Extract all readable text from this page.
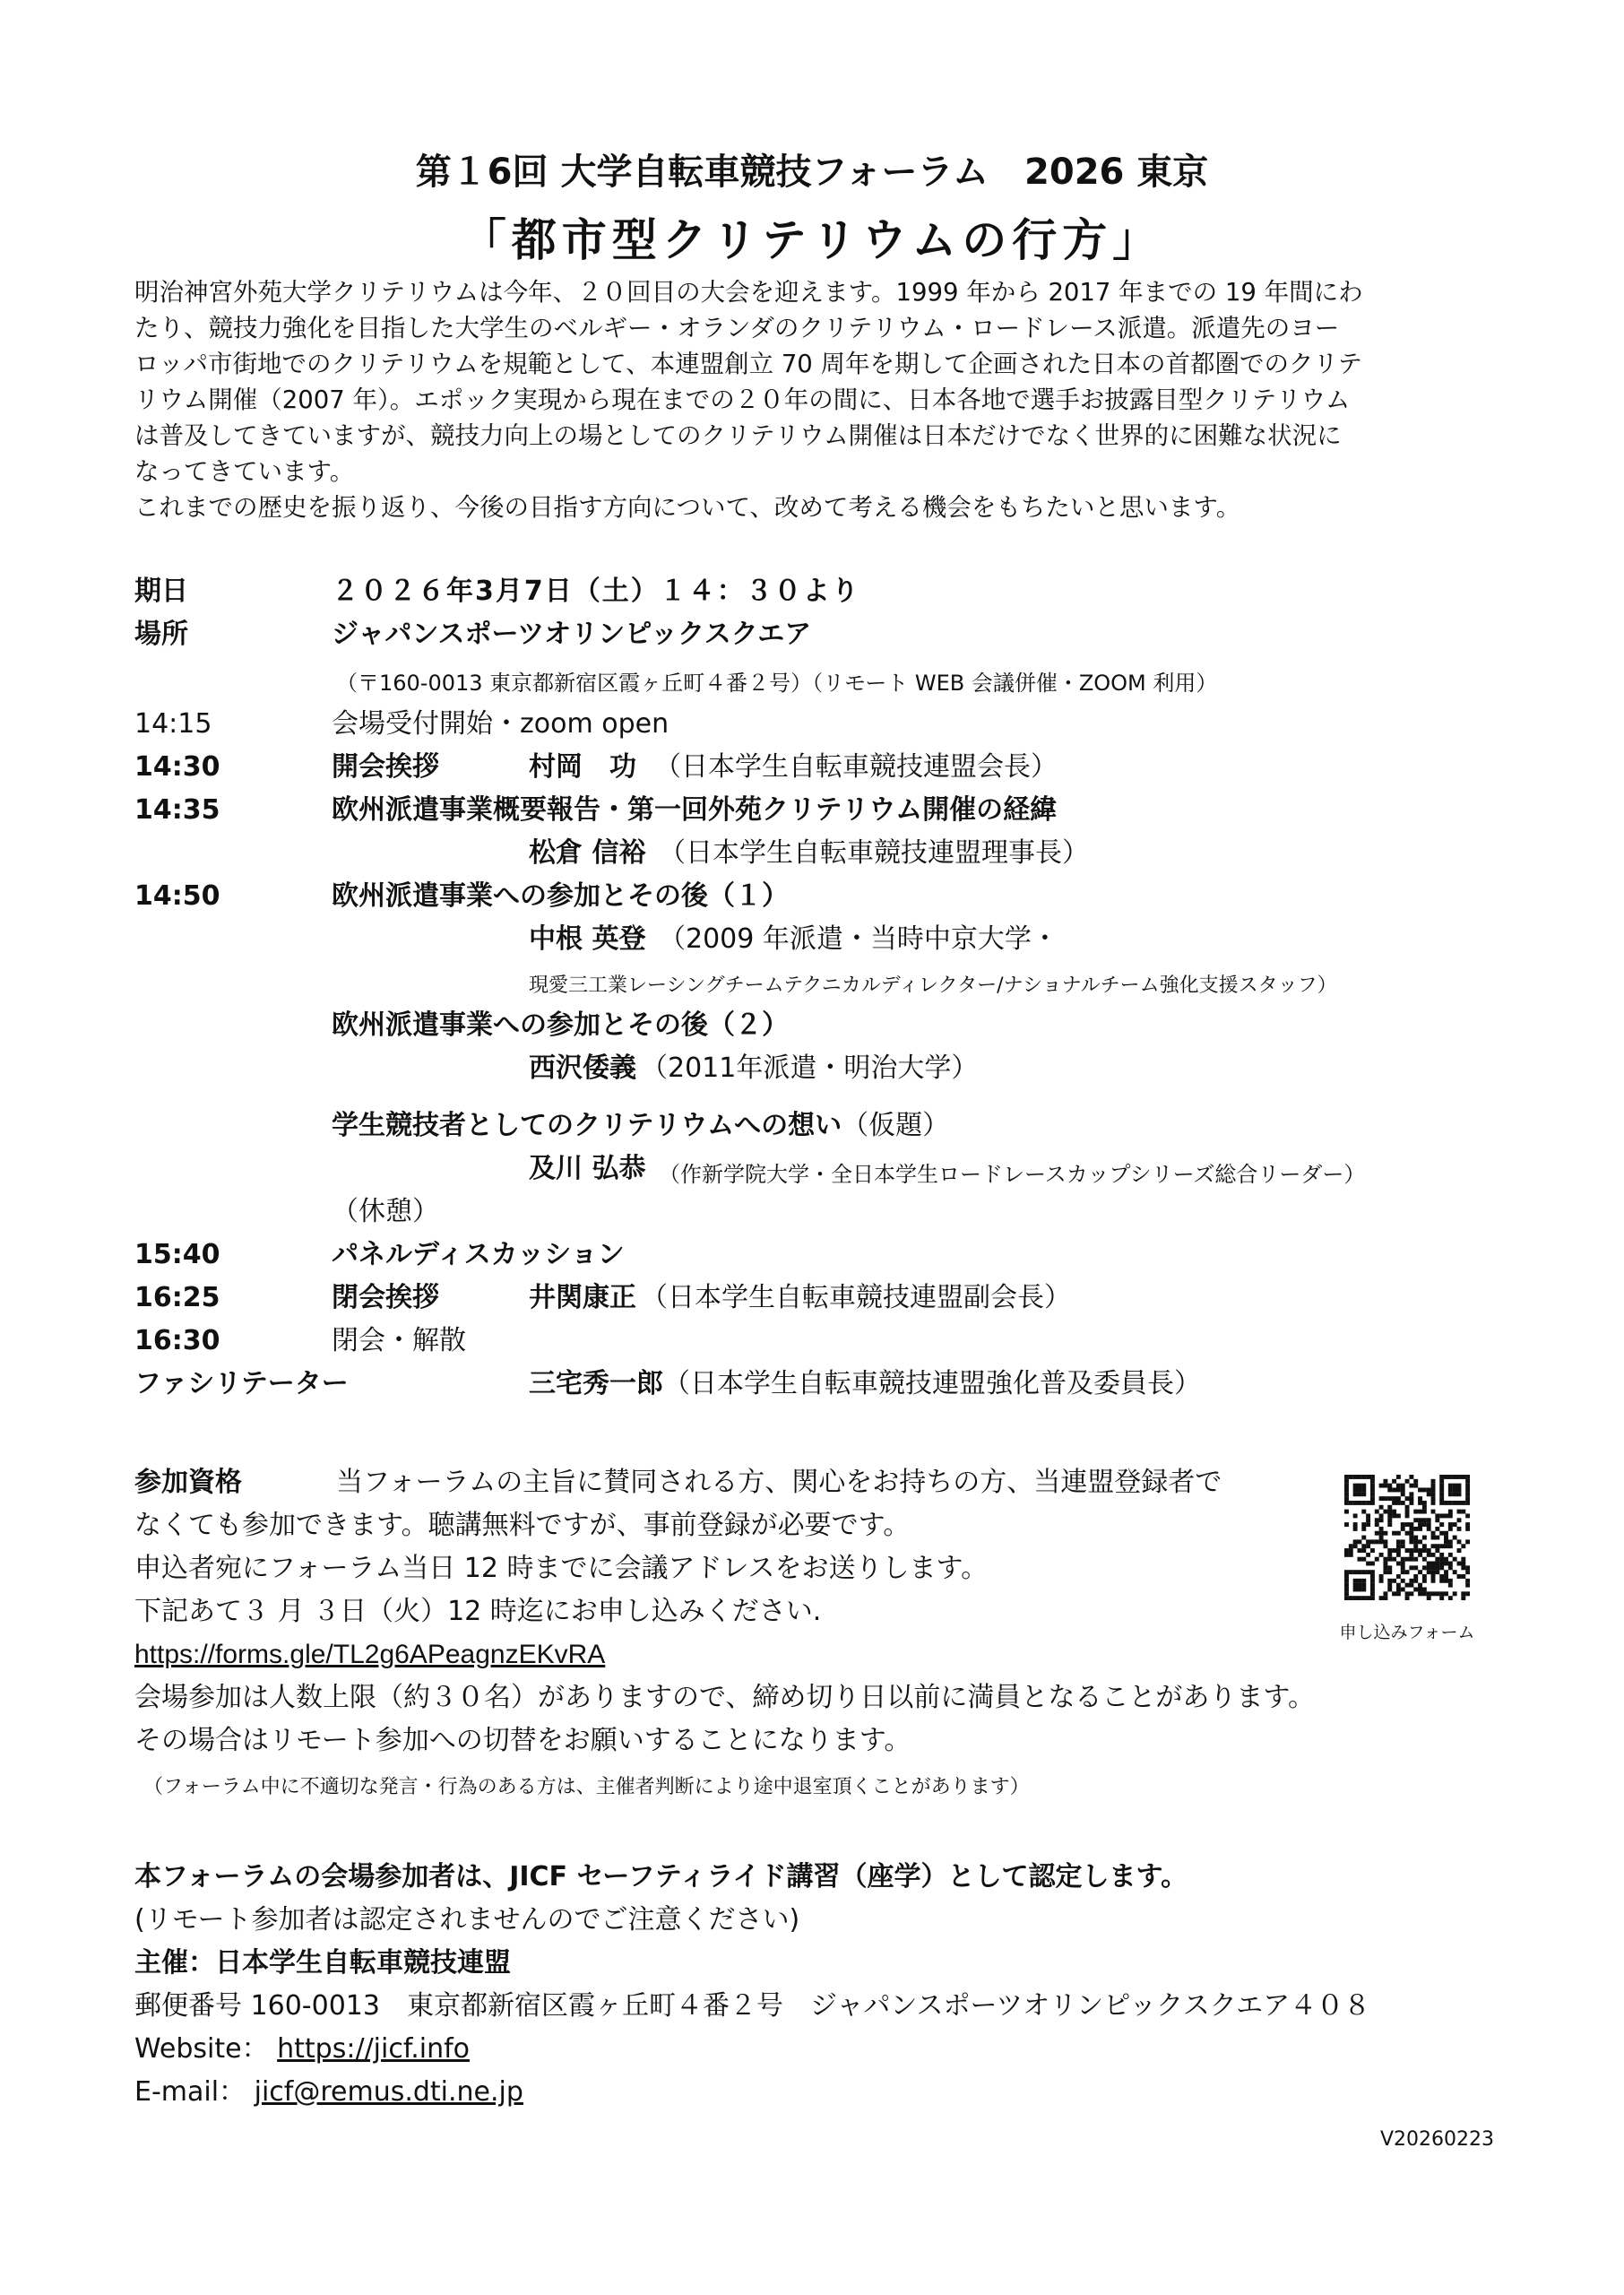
第１6回 大学自転車競技フォーラム　2026 東京
「都市型クリテリウムの行方」
明治神宮外苑大学クリテリウムは今年、２０回目の大会を迎えます。1999 年から 2017 年までの 19 年間にわ
たり、競技力強化を目指した大学生のベルギー・オランダのクリテリウム・ロードレース派遣。派遣先のヨー
ロッパ市街地でのクリテリウムを規範として、本連盟創立 70 周年を期して企画された日本の首都圏でのクリテ
リウム開催（2007 年）。エポック実現から現在までの２０年の間に、日本各地で選手お披露目型クリテリウム
は普及してきていますが、競技力向上の場としてのクリテリウム開催は日本だけでなく世界的に困難な状況に
なってきています。
これまでの歴史を振り返り、今後の目指す方向について、改めて考える機会をもちたいと思います。
期日	２０２６年3月7日（土）１４：３０より
場所	ジャパンスポーツオリンピックスクエア
（〒160-0013 東京都新宿区霞ヶ丘町４番２号）（リモート WEB 会議併催・ZOOM 利用）
14:15	会場受付開始・zoom open
14:30	開会挨拶	村岡　功 （日本学生自転車競技連盟会長）
14:35	欧州派遣事業概要報告・第一回外苑クリテリウム開催の経緯
松倉 信裕 （日本学生自転車競技連盟理事長）
14:50	欧州派遣事業への参加とその後（１）
中根 英登 （2009 年派遣・当時中京大学・
現愛三工業レーシングチームテクニカルディレクター/ナショナルチーム強化支援スタッフ）
欧州派遣事業への参加とその後（２）
西沢倭義 （2011年派遣・明治大学）
学生競技者としてのクリテリウムへの想い（仮題）
及川 弘恭 （作新学院大学・全日本学生ロードレースカップシリーズ総合リーダー）
（休憩）
15:40	パネルディスカッション
16:25	閉会挨拶	井関康正 （日本学生自転車競技連盟副会長）
16:30	閉会・解散
ファシリテーター	三宅秀一郎 （日本学生自転車競技連盟強化普及委員長）
参加資格	当フォーラムの主旨に賛同される方、関心をお持ちの方、当連盟登録者で
なくても参加できます。聴講無料ですが、事前登録が必要です。
申込者宛にフォーラム当日 12 時までに会議アドレスをお送りします。
下記あて３ 月 ３日（火）12 時迄にお申し込みください.
https://forms.gle/TL2g6APeagnzEKvRA
会場参加は人数上限（約３０名）がありますので、締め切り日以前に満員となることがあります。
その場合はリモート参加への切替をお願いすることになります。
（フォーラム中に不適切な発言・行為のある方は、主催者判断により途中退室頂くことがあります）
申し込みフォーム
本フォーラムの会場参加者は、JICF セーフティライド講習（座学）として認定します。
(リモート参加者は認定されませんのでご注意ください)
主催：日本学生自転車競技連盟
郵便番号 160-0013　東京都新宿区霞ヶ丘町４番２号　ジャパンスポーツオリンピックスクエア４０８
Website： https://jicf.info
E-mail： jicf@remus.dti.ne.jp
V20260223
